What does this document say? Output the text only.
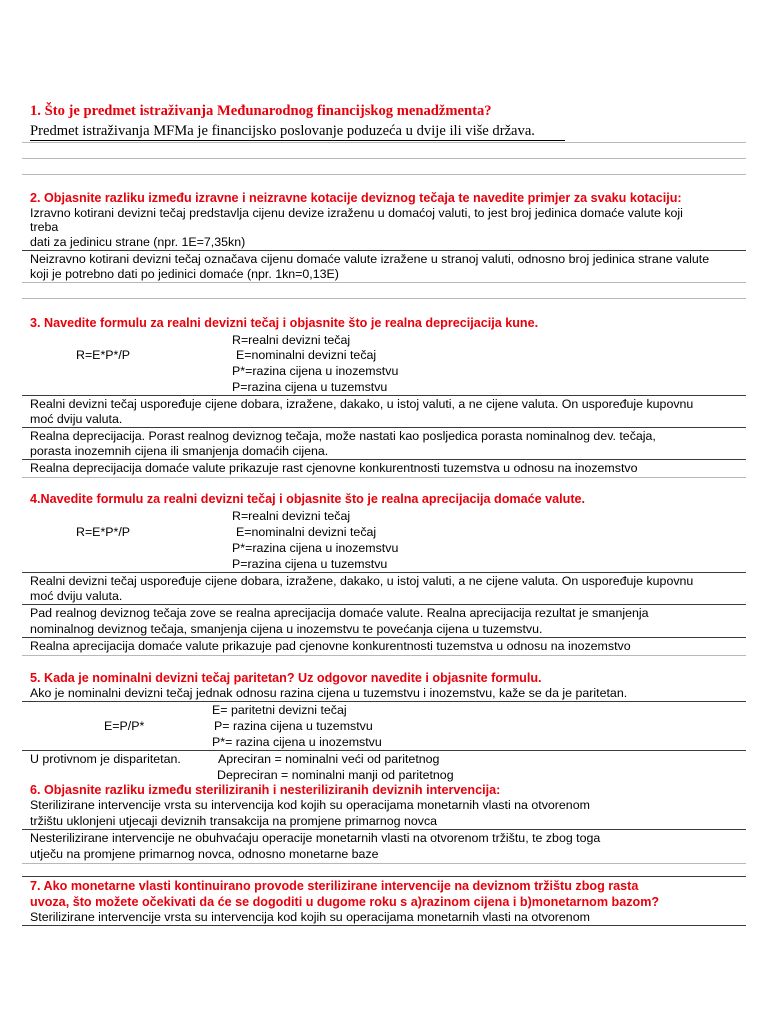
1. Što je predmet istraživanja Međunarodnog financijskog menadžmenta?
Predmet istraživanja MFMa je financijsko poslovanje poduzeća u dvije ili više država.
2. Objasnite razliku između izravne i neizravne kotacije deviznog tečaja te navedite primjer za svaku kotaciju:
Izravno kotirani devizni tečaj predstavlja cijenu devize izraženu u domaćoj valuti, to jest broj jedinica domaće valute koji
treba
dati za jedinicu strane (npr. 1E=7,35kn)
Neizravno kotirani devizni tečaj označava cijenu domaće valute izražene u stranoj valuti, odnosno broj jedinica strane valute
koji je potrebno dati po jedinici domaće (npr. 1kn=0,13E)
3. Navedite formulu za realni devizni tečaj i objasnite što je realna deprecijacija kune.
R=realni devizni tečaj
R=E*P*/P	E=nominalni devizni tečaj
P*=razina cijena u inozemstvu
P=razina cijena u tuzemstvu
Realni devizni tečaj uspoređuje cijene dobara, izražene, dakako, u istoj valuti, a ne cijene valuta. On uspoređuje kupovnu
moć dviju valuta.
Realna deprecijacija. Porast realnog deviznog tečaja, može nastati kao posljedica porasta nominalnog dev. tečaja,
porasta inozemnih cijena ili smanjenja domaćih cijena.
Realna deprecijacija domaće valute prikazuje rast cjenovne konkurentnosti tuzemstva u odnosu na inozemstvo
4.Navedite formulu za realni devizni tečaj i objasnite što je realna aprecijacija domaće valute.
R=realni devizni tečaj
R=E*P*/P	E=nominalni devizni tečaj
P*=razina cijena u inozemstvu
P=razina cijena u tuzemstvu
Realni devizni tečaj uspoređuje cijene dobara, izražene, dakako, u istoj valuti, a ne cijene valuta. On uspoređuje kupovnu
moć dviju valuta.
Pad realnog deviznog tečaja zove se realna aprecijacija domaće valute. Realna aprecijacija rezultat je smanjenja
nominalnog deviznog tečaja, smanjenja cijena u inozemstvu te povećanja cijena u tuzemstvu.
Realna aprecijacija domaće valute prikazuje pad cjenovne konkurentnosti tuzemstva u odnosu na inozemstvo
5. Kada je nominalni devizni tečaj paritetan? Uz odgovor navedite i objasnite formulu.
Ako je nominalni devizni tečaj jednak odnosu razina cijena u tuzemstvu i inozemstvu, kaže se da je paritetan.
E= paritetni devizni tečaj
E=P/P*	P= razina cijena u tuzemstvu
P*= razina cijena u inozemstvu
U protivnom je disparitetan.	Apreciran = nominalni veći od paritetnog
Depreciran = nominalni manji od paritetnog
6. Objasnite razliku između steriliziranih i nesteriliziranih deviznih intervencija:
Sterilizirane intervencije vrsta su intervencija kod kojih su operacijama monetarnih vlasti na otvorenom
tržištu uklonjeni utjecaji deviznih transakcija na promjene primarnog novca
Nesterilizirane intervencije ne obuhvaćaju operacije monetarnih vlasti na otvorenom tržištu, te zbog toga
utječu na promjene primarnog novca, odnosno monetarne baze
7. Ako monetarne vlasti kontinuirano provode sterilizirane intervencije na deviznom tržištu zbog rasta
uvoza, što možete očekivati da će se dogoditi u dugome roku s a)razinom cijena i b)monetarnom bazom?
Sterilizirane intervencije vrsta su intervencija kod kojih su operacijama monetarnih vlasti na otvorenom
